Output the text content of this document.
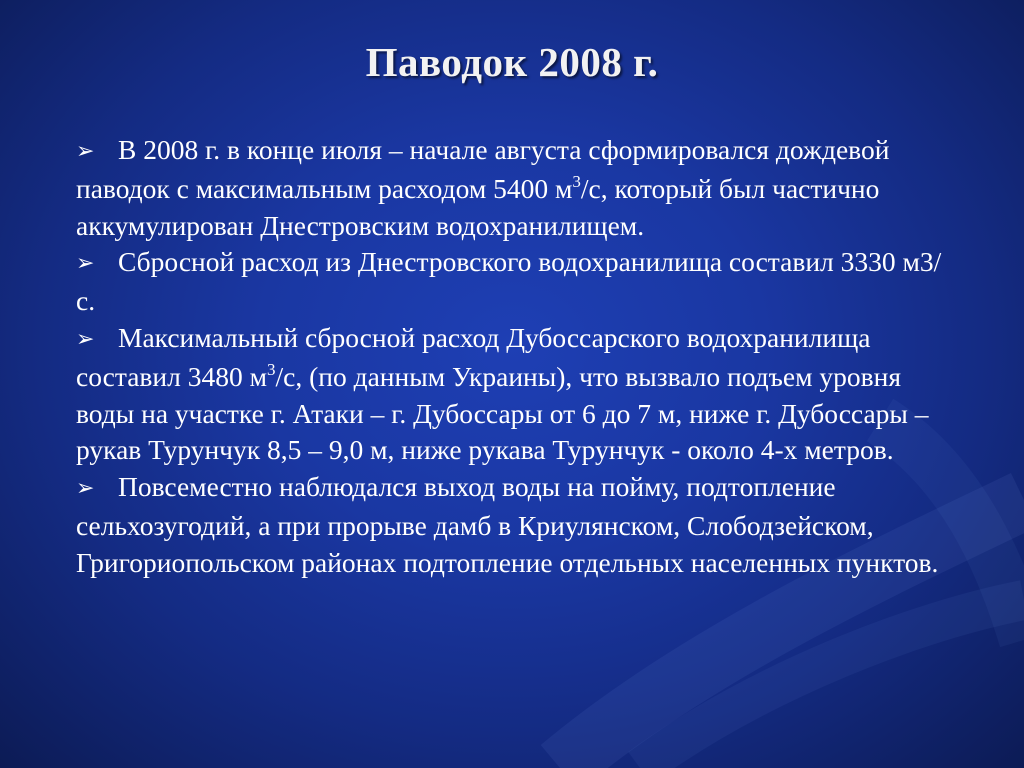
Паводок 2008 г.

➢ В 2008 г. в конце июля – начале августа сформировался дождевой паводок с максимальным расходом 5400 $м^3/с$, который был частично аккумулирован Днестровским водохранилищем.

➢ Сбросной расход из Днестровского водохранилища составил 3330 м3/с.

➢ Максимальный сбросной расход Дубоссарского водохранилища составил 3480 $м^3/с$, (по данным Украины), что вызвало подъем уровня воды на участке г. Атаки – г. Дубоссары от 6 до 7 м, ниже г. Дубоссары – рукав Турунчук 8,5 – 9,0 м, ниже рукава Турунчук - около 4-х метров.

➢ Повсеместно наблюдался выход воды на пойму, подтопление сельхозугодий, а при прорыве дамб в Криулянском, Слободзейском, Григориопольском районах подтопление отдельных населенных пунктов.
